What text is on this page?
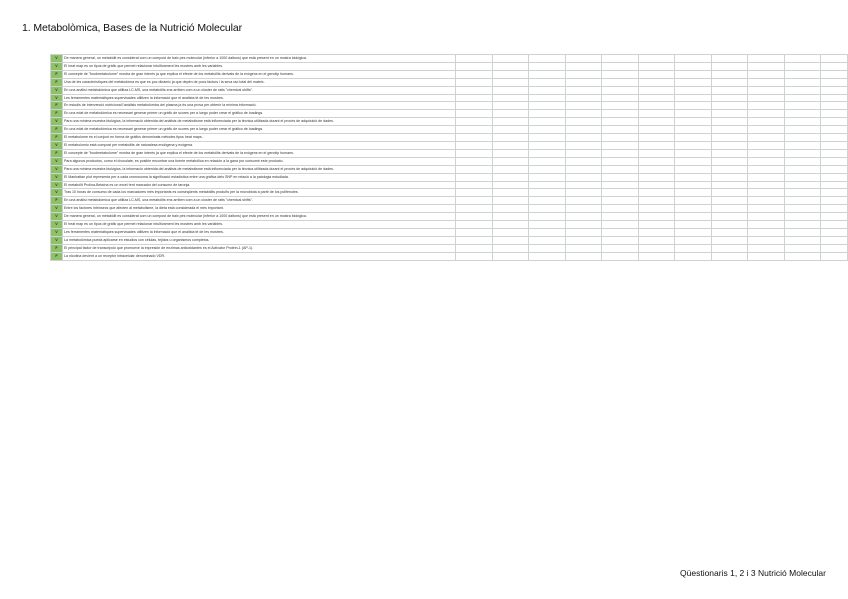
1. Metabolòmica, Bases de la Nutrició Molecular
V	De manera general, un metabòlit es considerat com un compost de baix pes molecular (inferior a 1000 daltons) que està present en un mostra biològica.											

V	El heat map es un tipus de gràfic que permet relacionar intuïtivament les mostres amb les variables.											

F	El concepte de "foodmetabolome" mostra de gran interès ja que explica el efecte de los metabòlits derivats de la exògens en el genotip humans.											

F	Una de les característiques del metabolòma es que es poc dinàmic ja que depèn de pocs factors i la seva raó total del mateix.											

V	En una anàlisi metabolòmica que utilitza LC-MS, una metabòlits ens arriben com a un cluster de ratis "chemical shifts".											

V	Les ferramentes matemàtiques supervisades utilitzen la informació que el analista té de les mostres.											

F	En estudis de intervenció nutricional l'anàlisis metabolòmics del plasma ja és una prova per obtenir la mínima informació.											

F	En una edat de metabolòmica es necessari generar primer un gràfic de scores per a luego poder crear el gràfico de loadings.											

V	Para una mínima muestra biológica, la informació obtenida del anàlisis de metabolisme està influenciada per la tècnica utilitzada durant el procés de adquisició de dades.											

F	En una edat de metabolòmica es necessari generar primer un gràfic de scores per a luego poder crear el gràfico de loadings.											

F	El metabolome es el conjunt en forma de gràfics denominats mètodes tipus heat maps.											

V	El metabolomio està compost per metabòlits de naturalesa endògena y exògena.											

F	El concepte de "foodmetabolome" mostra de gran interès ja que explica el efecte de los metabòlits derivats de la exògens en el genotip humans.											

V	Para algunos productos, como el chocolate, es posible encontrar una fuente metabòlica en relación a la gana por consumir este producto.											

V	Para una mínima muestra biológica, la informació obtenida del anàlisis de metabolisme està influenciada per la tècnica utilitzada durant el procés de adquisició de dades.											

V	El Manhattan plot representa per a cada cromosoma la significació estadística entre una gràfica dels SNP en relació a la patologia estudiada.											

V	El metabòlit Prolina-Betaína es un excel·lent marcador del consumo de taronja.											

V	Tras 10 horas de consumo de cada los marcadores més importants es conseqüents metabòlits produïts per la microbiota a partir de los polifenoles.											

F	En una anàlisi metabolòmica que utilitza LC-MS, una metabòlits ens arriben com a un cluster de ratis "chemical shifts".											

V	Entre los factores intrínsecs que afecten al metabolisme, la dieta està considerada el més important.											

V	De manera general, un metabòlit es considerat com un compost de baix pes molecular (inferior a 1000 daltons) que està present en un mostra biològica.											

V	El heat map es un tipus de gràfic que permet relacionar intuïtivament les mostres amb les variables.											

V	Les ferramentes matemàtiques supervisades utilitzen la informació que el analista té de les mostres.											

V	La metabolòmica pueda aplicarse en estudios con células, tejidos u organismos completos.											

F	El principal factor de transcripció que promueve la expresión de enzimas antioxidantes es el Activator Protein-1 (AP-1).											

F	La nicotina devient a un receptor intracelular denominado VDR.											

Qüestionaris 1, 2 i 3 Nutrició Molecular
